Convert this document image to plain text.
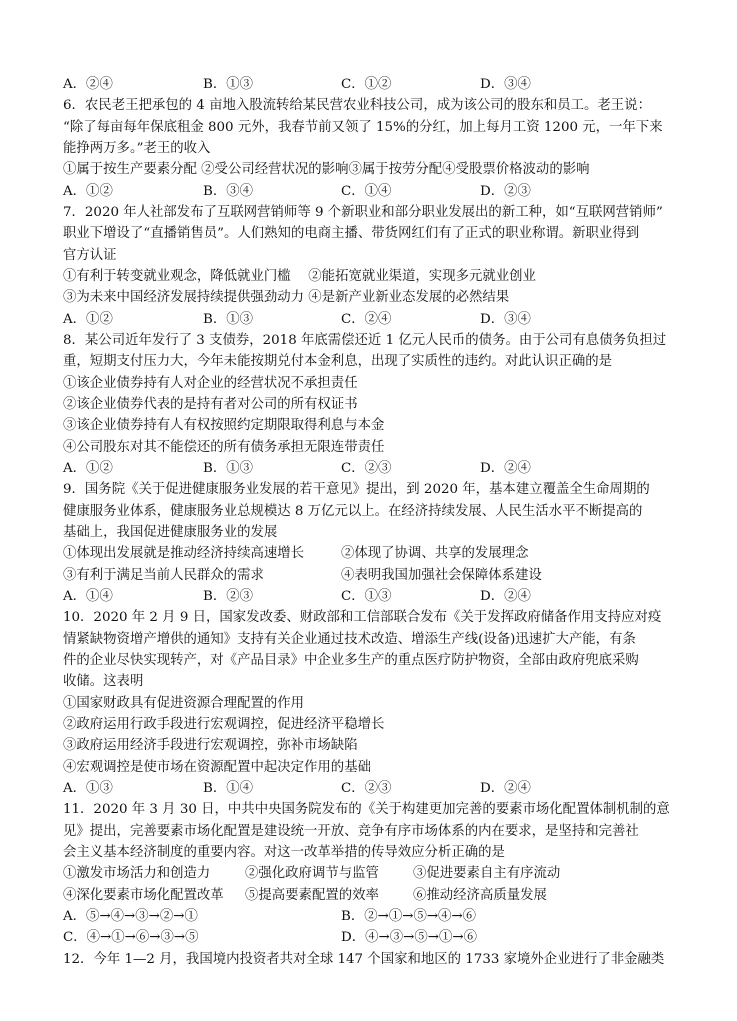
A．②④	B．①③	C．①②	D．③④
6．农民老王把承包的 4 亩地入股流转给某民营农业科技公司，成为该公司的股东和员工。老王说：
“除了每亩每年保底租金 800 元外，我春节前又领了 15%的分红，加上每月工资 1200 元，一年下来
能挣两万多。”老王的收入
①属于按生产要素分配 ②受公司经营状况的影响③属于按劳分配④受股票价格波动的影响
A．①②	B．③④	C．①④	D．②③
7．2020 年人社部发布了互联网营销师等 9 个新职业和部分职业发展出的新工种，如“互联网营销师”
职业下增设了“直播销售员”。人们熟知的电商主播、带货网红们有了正式的职业称谓。新职业得到
官方认证
①有利于转变就业观念，降低就业门槛　 ②能拓宽就业渠道，实现多元就业创业
③为未来中国经济发展持续提供强劲动力 ④是新产业新业态发展的必然结果
A．①②	B．①③	C．②④	D．③④
8．某公司近年发行了 3 支债券，2018 年底需偿还近 1 亿元人民币的债务。由于公司有息债务负担过
重，短期支付压力大，今年未能按期兑付本金利息，出现了实质性的违约。对此认识正确的是
①该企业债券持有人对企业的经营状况不承担责任
②该企业债券代表的是持有者对公司的所有权证书
③该企业债券持有人有权按照约定期限取得利息与本金
④公司股东对其不能偿还的所有债务承担无限连带责任
A．①②	B．①③	C．②③	D．②④
9．国务院《关于促进健康服务业发展的若干意见》提出，到 2020 年，基本建立覆盖全生命周期的
健康服务业体系，健康服务业总规模达 8 万亿元以上。在经济持续发展、人民生活水平不断提高的
基础上，我国促进健康服务业的发展
①体现出发展就是推动经济持续高速增长	②体现了协调、共享的发展理念
③有利于满足当前人民群众的需求	④表明我国加强社会保障体系建设
A．①④	B．②③	C．①③	D．②④
10．2020 年 2 月 9 日，国家发改委、财政部和工信部联合发布《关于发挥政府储备作用支持应对疫
情紧缺物资增产增供的通知》支持有关企业通过技术改造、增添生产线(设备)迅速扩大产能，有条
件的企业尽快实现转产，对《产品目录》中企业多生产的重点医疗防护物资，全部由政府兜底采购
收储。这表明
①国家财政具有促进资源合理配置的作用
②政府运用行政手段进行宏观调控，促进经济平稳增长
③政府运用经济手段进行宏观调控，弥补市场缺陷
④宏观调控是使市场在资源配置中起决定作用的基础
A．①③	B．①④	C．②③	D．②④
11．2020 年 3 月 30 日，中共中央国务院发布的《关于构建更加完善的要素市场化配置体制机制的意
见》提出，完善要素市场化配置是建设统一开放、竞争有序市场体系的内在要求，是坚持和完善社
会主义基本经济制度的重要内容。对这一改革举措的传导效应分析正确的是
①激发市场活力和创造力	②强化政府调节与监管	③促进要素自主有序流动
④深化要素市场化配置改革 ⑤提高要素配置的效率	⑥推动经济高质量发展
A．⑤→④→③→②→①	B．②→①→⑤→④→⑥
C．④→①→⑥→③→⑤	D．④→③→⑤→①→⑥
12．今年 1—2 月，我国境内投资者共对全球 147 个国家和地区的 1733 家境外企业进行了非金融类
